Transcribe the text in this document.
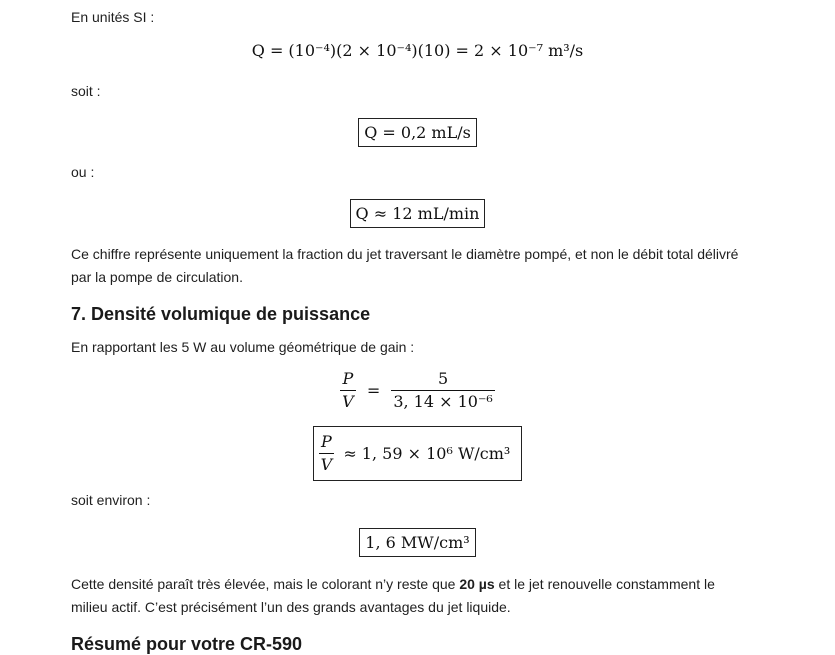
En unités SI :

Q = (10⁻⁴)(2 × 10⁻⁴)(10) = 2 × 10⁻⁷ m³/s

soit :

Q = 0,2 mL/s

ou :

Q ≈ 12 mL/min

Ce chiffre représente uniquement la fraction du jet traversant le diamètre pompé, et non le débit total délivré par la pompe de circulation.

7. Densité volumique de puissance

En rapportant les 5 W au volume géométrique de gain :

$\frac{P}{V} = \frac{5}{\text{3, 14 × 10⁻⁶}}$
$\frac{P}{V} \approx 1$, 59 × 10⁶ W/cm³

soit environ :

1, 6 MW/cm³

Cette densité paraît très élevée, mais le colorant n’y reste que 20 µs et le jet renouvelle constamment le milieu actif. C’est précisément l’un des grands avantages du jet liquide.

Résumé pour votre CR-590
